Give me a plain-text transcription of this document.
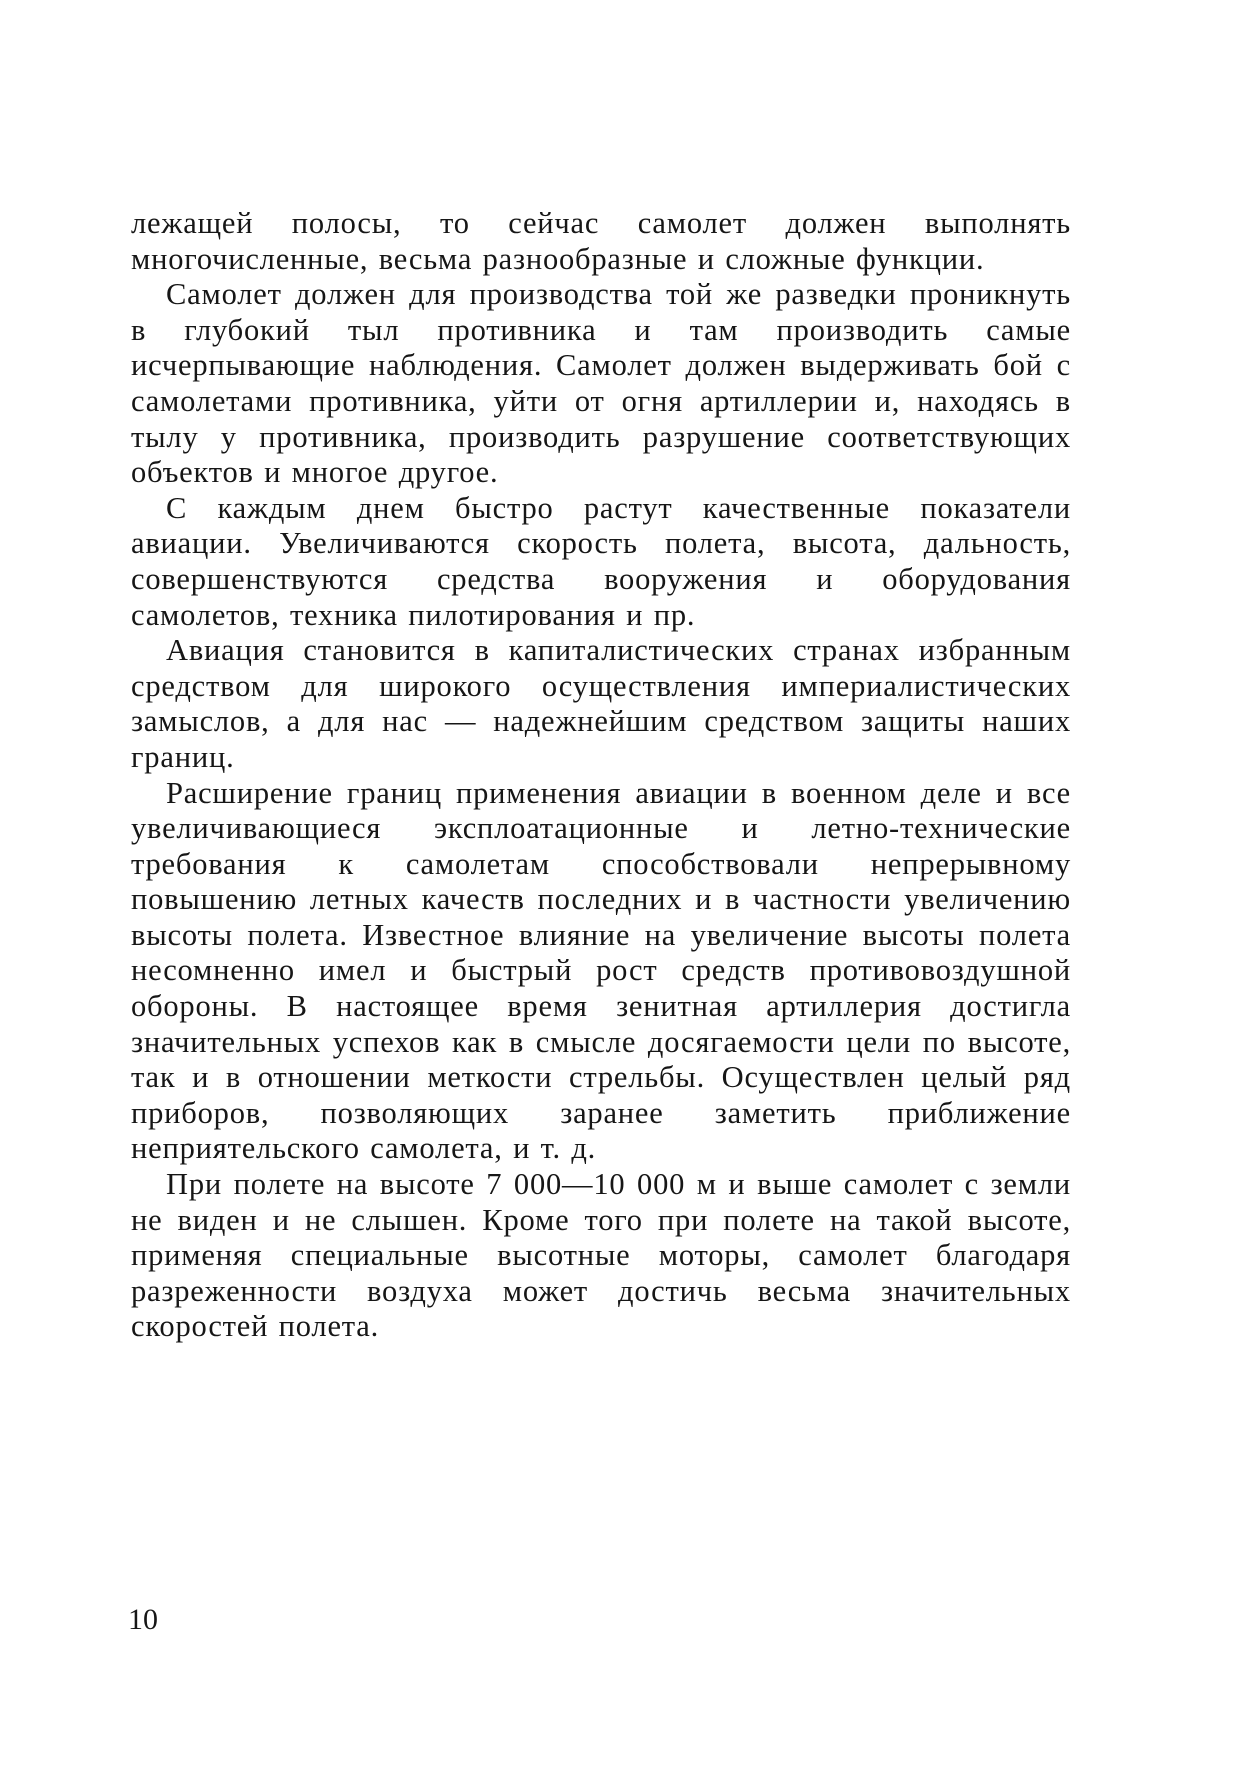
лежащей полосы, то сейчас самолет должен выполнять многочисленные, весьма разнообразные и сложные функции.

Самолет должен для производства той же разведки проникнуть в глубокий тыл противника и там производить самые исчерпывающие наблюдения. Самолет должен выдерживать бой с самолетами противника, уйти от огня артиллерии и, находясь в тылу у противника, производить разрушение соответствующих объектов и многое другое.

С каждым днем быстро растут качественные показатели авиации. Увеличиваются скорость полета, высота, дальность, совершенствуются средства вооружения и оборудования самолетов, техника пилотирования и пр.

Авиация становится в капиталистических странах избранным средством для широкого осуществления империалистических замыслов, а для нас — надежнейшим средством защиты наших границ.

Расширение границ применения авиации в военном деле и все увеличивающиеся эксплоатационные и летно-технические требования к самолетам способствовали непрерывному повышению летных качеств последних и в частности увеличению высоты полета. Известное влияние на увеличение высоты полета несомненно имел и быстрый рост средств противовоздушной обороны. В настоящее время зенитная артиллерия достигла значительных успехов как в смысле досягаемости цели по высоте, так и в отношении меткости стрельбы. Осуществлен целый ряд приборов, позволяющих заранее заметить приближение неприятельского самолета, и т. д.

При полете на высоте 7 000—10 000 м и выше самолет с земли не виден и не слышен. Кроме того при полете на такой высоте, применяя специальные высотные моторы, самолет благодаря разреженности воздуха может достичь весьма значительных скоростей полета.

10
